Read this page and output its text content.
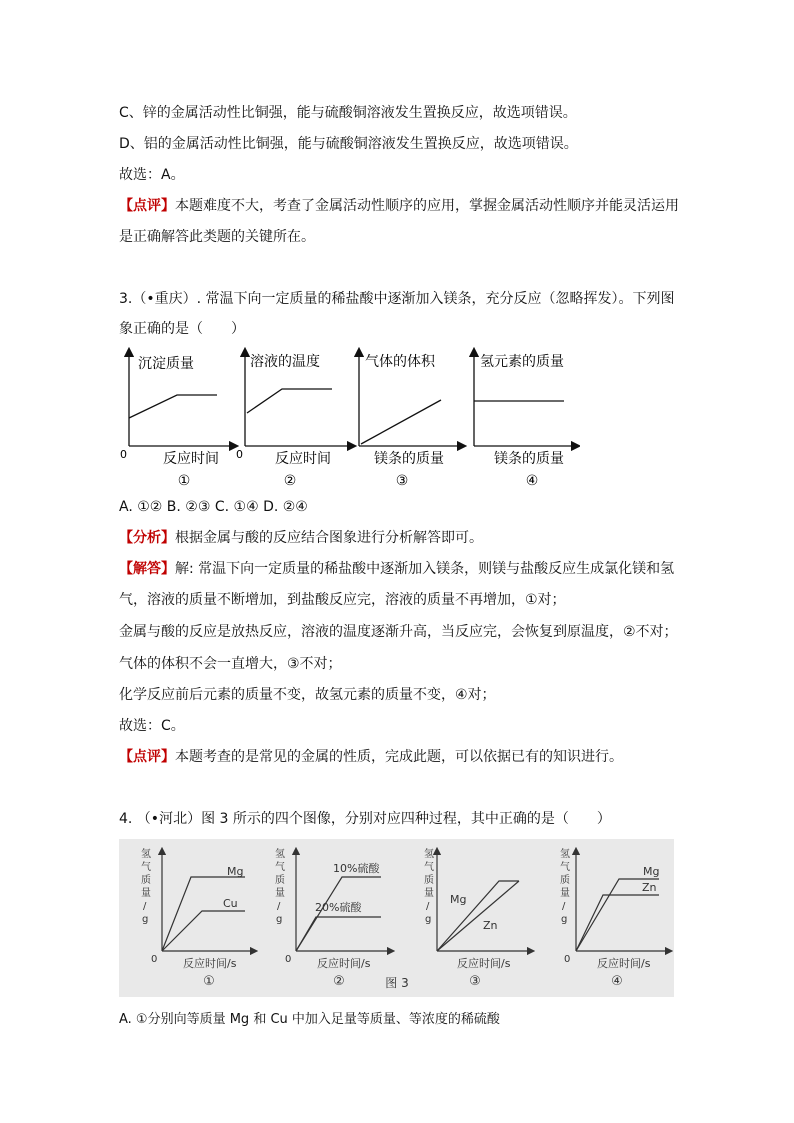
C、锌的金属活动性比铜强，能与硫酸铜溶液发生置换反应，故选项错误。
D、铝的金属活动性比铜强，能与硫酸铜溶液发生置换反应，故选项错误。
故选：A。
【点评】本题难度不大，考查了金属活动性顺序的应用，掌握金属活动性顺序并能灵活运用
是正确解答此类题的关键所在。
3.（•重庆）. 常温下向一定质量的稀盐酸中逐渐加入镁条，充分反应（忽略挥发）。下列图
象正确的是（　　）
沉淀质量
0	反应时间
①
溶液的温度
0 反应时间
②
气体的体积
镁条的质量
③
氢元素的质量
镁条的质量
④
A. ①② B. ②③ C. ①④ D. ②④
【分析】根据金属与酸的反应结合图象进行分析解答即可。
【解答】解: 常温下向一定质量的稀盐酸中逐渐加入镁条，则镁与盐酸反应生成氯化镁和氢
气，溶液的质量不断增加，到盐酸反应完，溶液的质量不再增加，①对；
金属与酸的反应是放热反应，溶液的温度逐渐升高，当反应完，会恢复到原温度，②不对；
气体的体积不会一直增大，③不对；
化学反应前后元素的质量不变，故氢元素的质量不变，④对；
故选：C。
【点评】本题考查的是常见的金属的性质，完成此题，可以依据已有的知识进行。
4. （•河北）图 3 所示的四个图像，分别对应四种过程，其中正确的是（　　）
氢
气
质
量
/
g
Mg
Cu
0 反应时间/s
①
氢
气
质
量
/
g
10%硫酸
20%硫酸
0 反应时间/s
②
氢
气
质
量
/
g
Mg
Zn
反应时间/s
③
氢
气
质
量
/
g
Mg
Zn
0 反应时间/s
④
图 3
A. ①分别向等质量 Mg 和 Cu 中加入足量等质量、等浓度的稀硫酸
